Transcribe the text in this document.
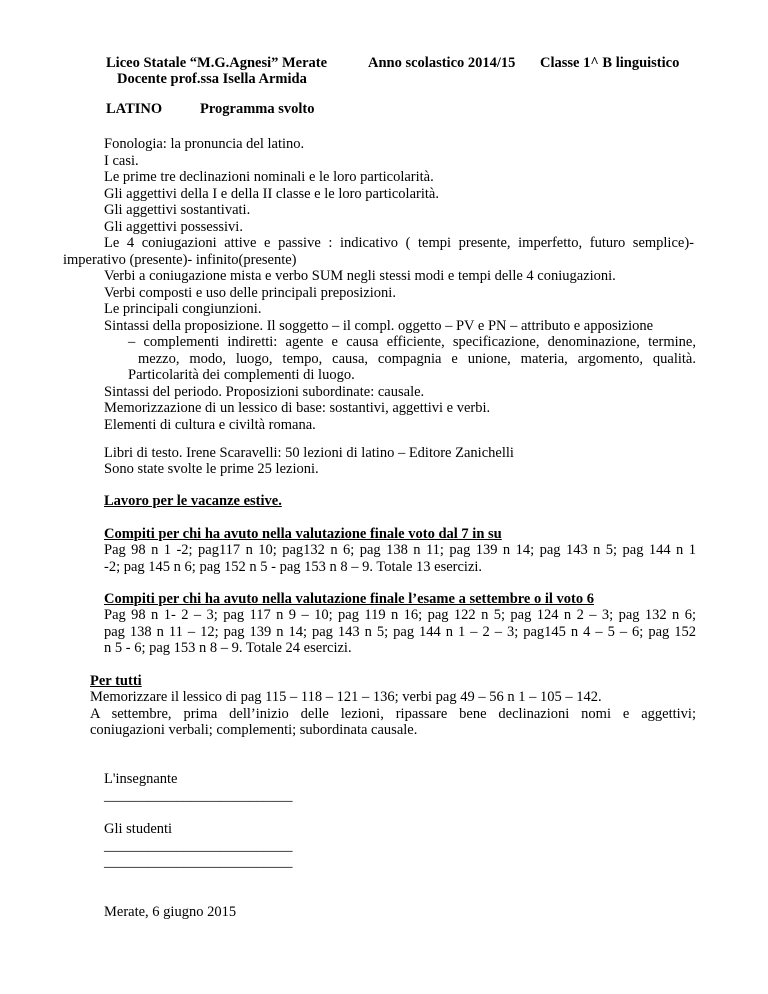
Liceo Statale “M.G.Agnesi” Merate	Anno scolastico 2014/15 Classe 1^ B linguistico
Docente prof.ssa Isella Armida
LATINO	Programma svolto
Fonologia: la pronuncia del latino.
I casi.
Le prime tre declinazioni nominali e le loro particolarità.
Gli aggettivi della I e della II classe e le loro particolarità.
Gli aggettivi sostantivati.
Gli aggettivi possessivi.
Le 4 coniugazioni attive e passive : indicativo ( tempi presente, imperfetto, futuro semplice)-
imperativo (presente)- infinito(presente)
Verbi a coniugazione mista e verbo SUM negli stessi modi e tempi delle 4 coniugazioni.
Verbi composti e uso delle principali preposizioni.
Le principali congiunzioni.
Sintassi della proposizione. Il soggetto – il compl. oggetto – PV e PN – attributo e apposizione
– complementi indiretti: agente e causa efficiente, specificazione, denominazione, termine,
mezzo, modo, luogo, tempo, causa, compagnia e unione, materia, argomento, qualità.
Particolarità dei complementi di luogo.
Sintassi del periodo. Proposizioni subordinate: causale.
Memorizzazione di un lessico di base: sostantivi, aggettivi e verbi.
Elementi di cultura e civiltà romana.
Libri di testo. Irene Scaravelli: 50 lezioni di latino – Editore Zanichelli
Sono state svolte le prime 25 lezioni.
Lavoro per le vacanze estive.
Compiti per chi ha avuto nella valutazione finale voto dal 7 in su
Pag 98 n 1 -2; pag117 n 10; pag132 n 6; pag 138 n 11; pag 139 n 14; pag 143 n 5; pag 144 n 1
-2; pag 145 n 6; pag 152 n 5 - pag 153 n 8 – 9. Totale 13 esercizi.
Compiti per chi ha avuto nella valutazione finale l’esame a settembre o il voto 6
Pag 98 n 1- 2 – 3; pag 117 n 9 – 10; pag 119 n 16; pag 122 n 5; pag 124 n 2 – 3; pag 132 n 6;
pag 138 n 11 – 12; pag 139 n 14; pag 143 n 5; pag 144 n 1 – 2 – 3; pag145 n 4 – 5 – 6; pag 152
n 5 - 6; pag 153 n 8 – 9. Totale 24 esercizi.
Per tutti
Memorizzare il lessico di pag 115 – 118 – 121 – 136; verbi pag 49 – 56 n 1 – 105 – 142.
A settembre, prima dell’inizio delle lezioni, ripassare bene declinazioni nomi e aggettivi;
coniugazioni verbali; complementi; subordinata causale.
L'insegnante
__________________________
Gli studenti
__________________________
__________________________
Merate, 6 giugno 2015
